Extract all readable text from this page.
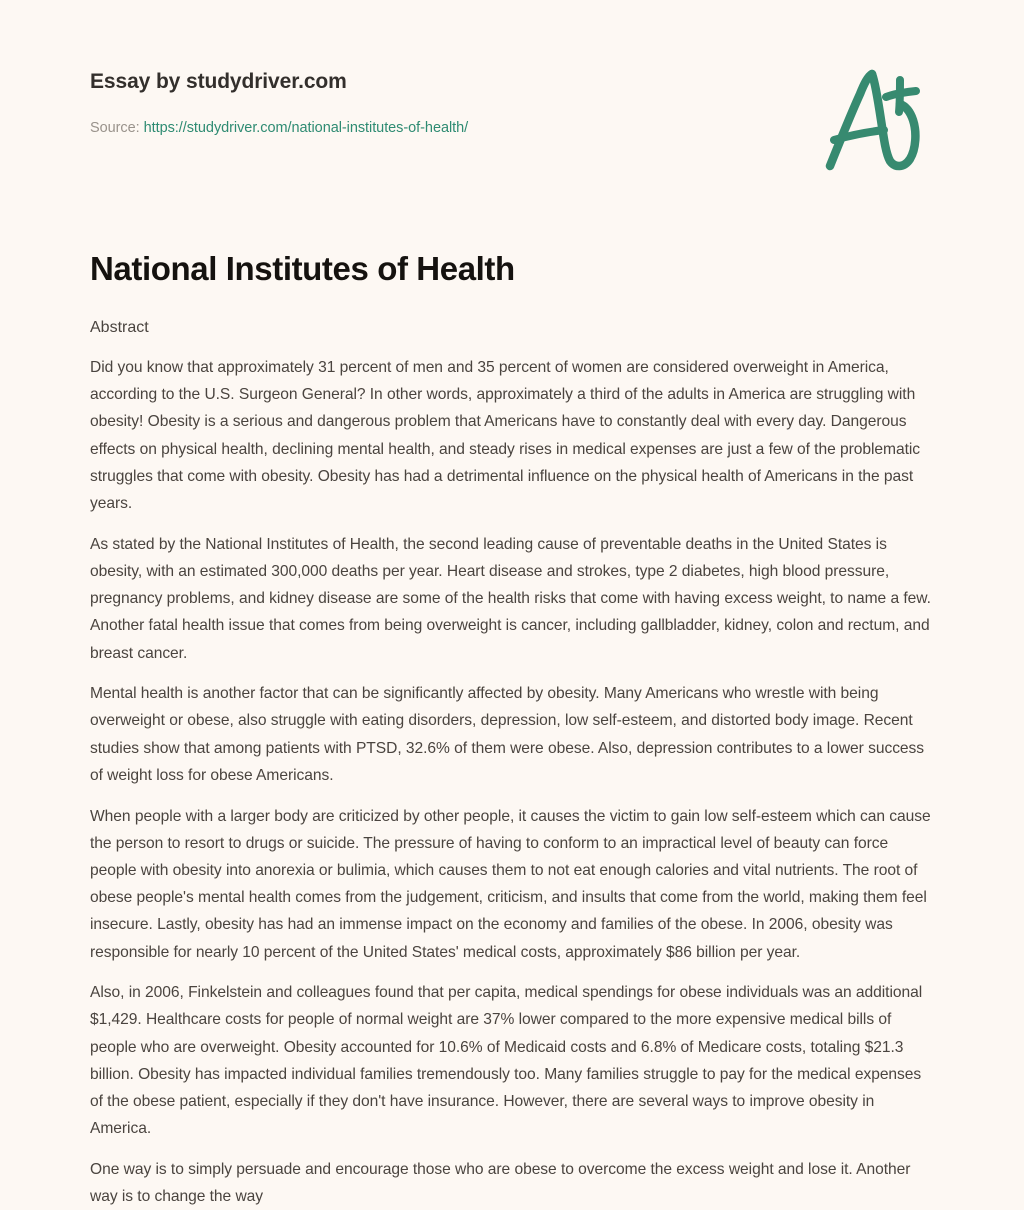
Essay by studydriver.com
Source: https://studydriver.com/national-institutes-of-health/
National Institutes of Health
Abstract

Did you know that approximately 31 percent of men and 35 percent of women are considered overweight in America, according to the U.S. Surgeon General? In other words, approximately a third of the adults in America are struggling with obesity! Obesity is a serious and dangerous problem that Americans have to constantly deal with every day. Dangerous effects on physical health, declining mental health, and steady rises in medical expenses are just a few of the problematic struggles that come with obesity. Obesity has had a detrimental influence on the physical health of Americans in the past years.

As stated by the National Institutes of Health, the second leading cause of preventable deaths in the United States is obesity, with an estimated 300,000 deaths per year. Heart disease and strokes, type 2 diabetes, high blood pressure, pregnancy problems, and kidney disease are some of the health risks that come with having excess weight, to name a few. Another fatal health issue that comes from being overweight is cancer, including gallbladder, kidney, colon and rectum, and breast cancer.

Mental health is another factor that can be significantly affected by obesity. Many Americans who wrestle with being overweight or obese, also struggle with eating disorders, depression, low self-esteem, and distorted body image. Recent studies show that among patients with PTSD, 32.6% of them were obese. Also, depression contributes to a lower success of weight loss for obese Americans.

When people with a larger body are criticized by other people, it causes the victim to gain low self-esteem which can cause the person to resort to drugs or suicide. The pressure of having to conform to an impractical level of beauty can force people with obesity into anorexia or bulimia, which causes them to not eat enough calories and vital nutrients. The root of obese people's mental health comes from the judgement, criticism, and insults that come from the world, making them feel insecure. Lastly, obesity has had an immense impact on the economy and families of the obese. In 2006, obesity was responsible for nearly 10 percent of the United States' medical costs, approximately $86 billion per year.

Also, in 2006, Finkelstein and colleagues found that per capita, medical spendings for obese individuals was an additional $1,429. Healthcare costs for people of normal weight are 37% lower compared to the more expensive medical bills of people who are overweight. Obesity accounted for 10.6% of Medicaid costs and 6.8% of Medicare costs, totaling $21.3 billion. Obesity has impacted individual families tremendously too. Many families struggle to pay for the medical expenses of the obese patient, especially if they don't have insurance. However, there are several ways to improve obesity in America.

One way is to simply persuade and encourage those who are obese to overcome the excess weight and lose it. Another way is to change the way
